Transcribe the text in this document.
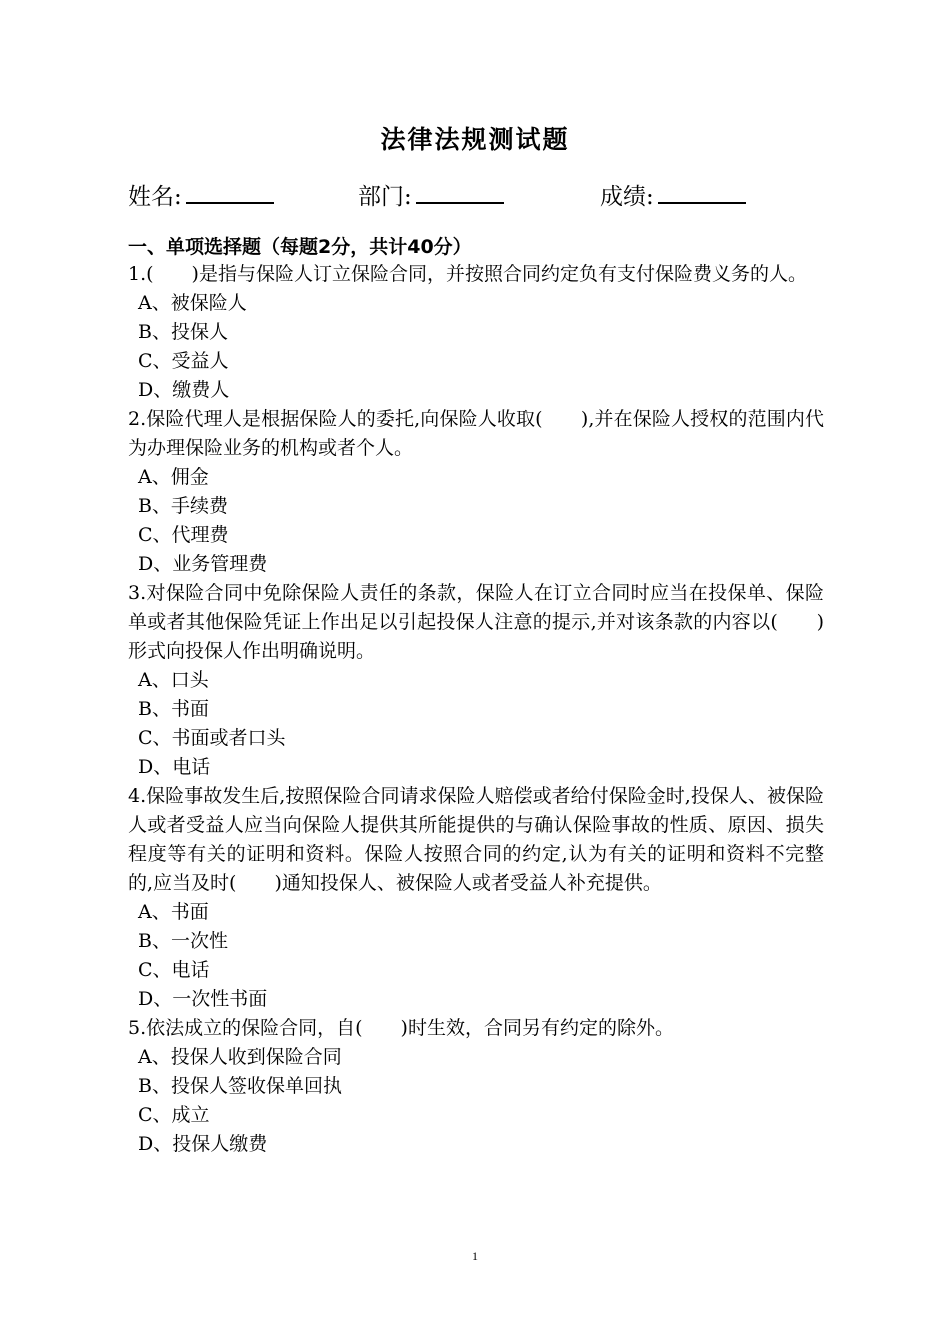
法律法规测试题
姓名:	部门:	成绩:
一、单项选择题（每题2分，共计40分）
1.(　　)是指与保险人订立保险合同，并按照合同约定负有支付保险费义务的人。
A、被保险人
B、投保人
C、受益人
D、缴费人
2.保险代理人是根据保险人的委托,向保险人收取(　　),并在保险人授权的范围内代为办理保险业务的机构或者个人。
A、佣金
B、手续费
C、代理费
D、业务管理费
3.对保险合同中免除保险人责任的条款，保险人在订立合同时应当在投保单、保险单或者其他保险凭证上作出足以引起投保人注意的提示,并对该条款的内容以(　　)形式向投保人作出明确说明。
A、口头
B、书面
C、书面或者口头
D、电话
4.保险事故发生后,按照保险合同请求保险人赔偿或者给付保险金时,投保人、被保险人或者受益人应当向保险人提供其所能提供的与确认保险事故的性质、原因、损失程度等有关的证明和资料。保险人按照合同的约定,认为有关的证明和资料不完整的,应当及时(　　)通知投保人、被保险人或者受益人补充提供。
A、书面
B、一次性
C、电话
D、一次性书面
5.依法成立的保险合同，自(　　)时生效，合同另有约定的除外。
A、投保人收到保险合同
B、投保人签收保单回执
C、成立
D、投保人缴费
1
